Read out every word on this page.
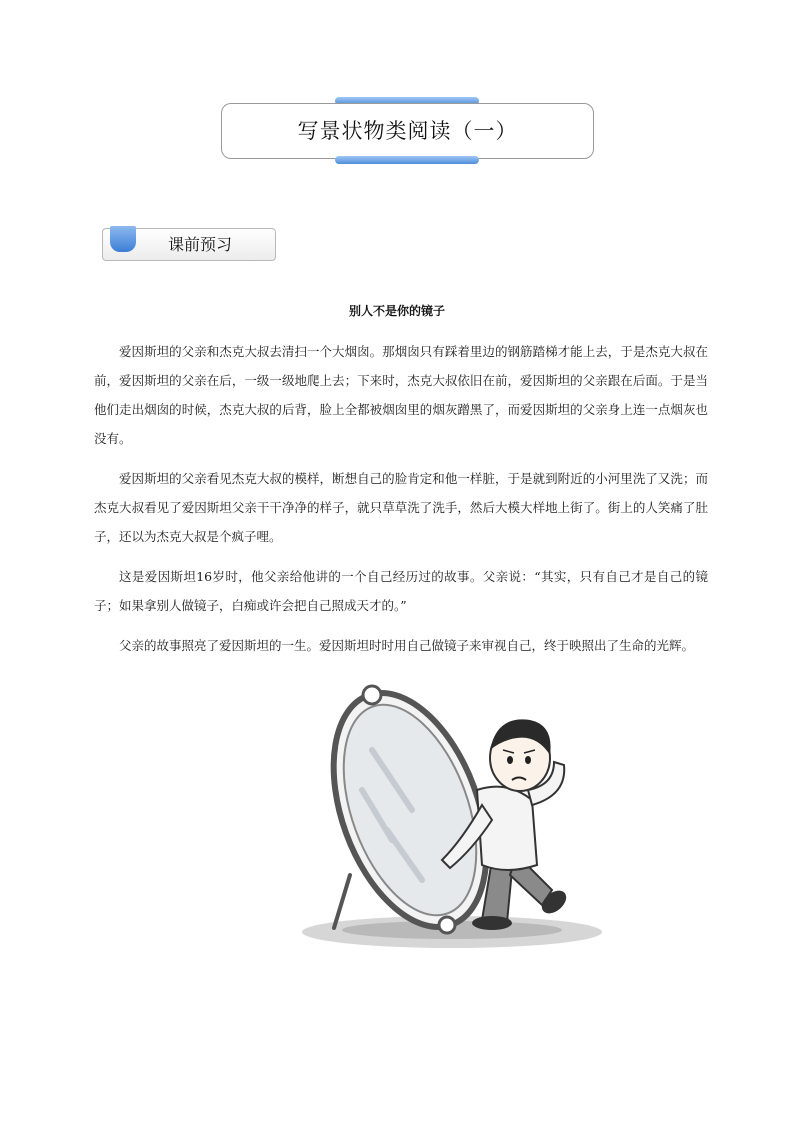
写景状物类阅读（一）
课前预习
别人不是你的镜子

爱因斯坦的父亲和杰克大叔去清扫一个大烟囱。那烟囱只有踩着里边的钢筋踏梯才能上去，于是杰克大叔在前，爱因斯坦的父亲在后，一级一级地爬上去；下来时，杰克大叔依旧在前，爱因斯坦的父亲跟在后面。于是当他们走出烟囱的时候，杰克大叔的后背，脸上全都被烟囱里的烟灰蹭黑了，而爱因斯坦的父亲身上连一点烟灰也没有。

爱因斯坦的父亲看见杰克大叔的模样，断想自己的脸肯定和他一样脏，于是就到附近的小河里洗了又洗；而杰克大叔看见了爱因斯坦父亲干干净净的样子，就只草草洗了洗手，然后大模大样地上街了。街上的人笑痛了肚子，还以为杰克大叔是个疯子哩。

这是爱因斯坦16岁时，他父亲给他讲的一个自己经历过的故事。父亲说：“其实，只有自己才是自己的镜子；如果拿别人做镜子，白痴或许会把自己照成天才的。”

父亲的故事照亮了爱因斯坦的一生。爱因斯坦时时用自己做镜子来审视自己，终于映照出了生命的光辉。
